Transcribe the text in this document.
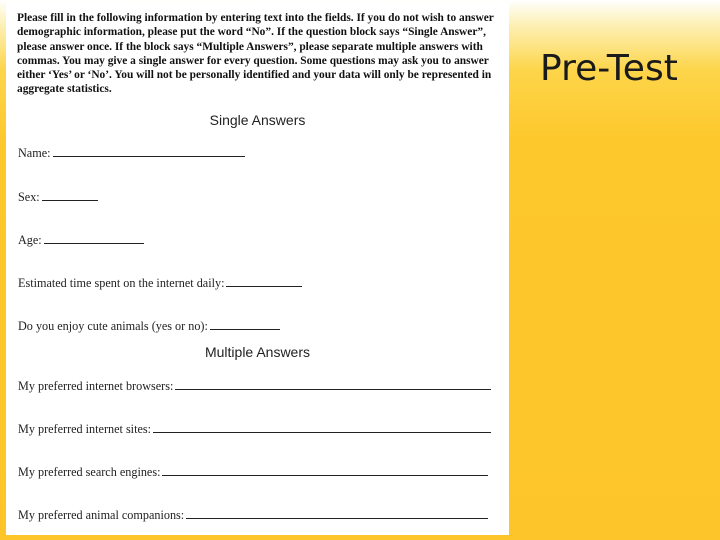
Pre-Test

Please fill in the following information by entering text into the fields. If you do not wish to answer demographic information, please put the word “No”. If the question block says “Single Answer”, please answer once. If the block says “Multiple Answers”, please separate multiple answers with commas. You may give a single answer for every question. Some questions may ask you to answer either ‘Yes’ or ‘No’. You will not be personally identified and your data will only be represented in aggregate statistics.

Single Answers
Name:
Sex:
Age:
Estimated time spent on the internet daily:
Do you enjoy cute animals (yes or no):
Multiple Answers
My preferred internet browsers:
My preferred internet sites:
My preferred search engines:
My preferred animal companions:
